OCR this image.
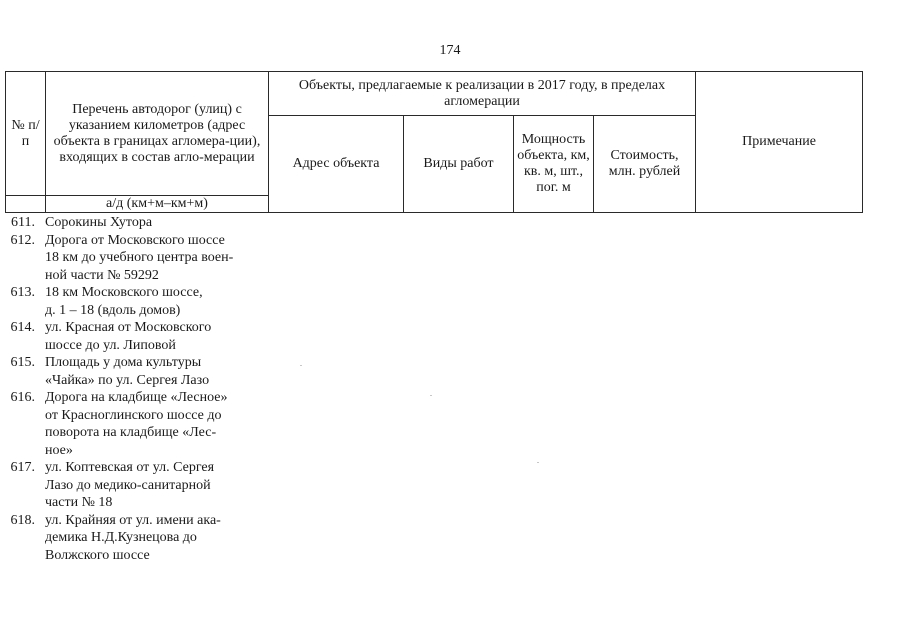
174
№ п/п	Перечень автодорог (улиц) с указанием километров (адрес объекта в границах агломера-ции), входящих в состав агло-мерации	Объекты, предлагаемые к реализации в 2017 году, в пределах агломерации				Примечание
		Адрес объекта	Виды работ	Мощность объекта, км, кв. м, шт., пог. м	Стоимость, млн. рублей	
	а/д (км+м–км+м)					
611. Сорокины Хутора
612. Дорога от Московского шоссе
18 км до учебного центра воен-
ной части № 59292
613. 18 км Московского шоссе,
д. 1 – 18 (вдоль домов)
614. ул. Красная от Московского
шоссе до ул. Липовой
615. Площадь у дома культуры
«Чайка» по ул. Сергея Лазо
616. Дорога на кладбище «Лесное»
от Красноглинского шоссе до
поворота на кладбище «Лес-
ное»
617. ул. Коптевская от ул. Сергея
Лазо до медико-санитарной
части № 18
618. ул. Крайняя от ул. имени ака-
демика Н.Д.Кузнецова до
Волжского шоссе
